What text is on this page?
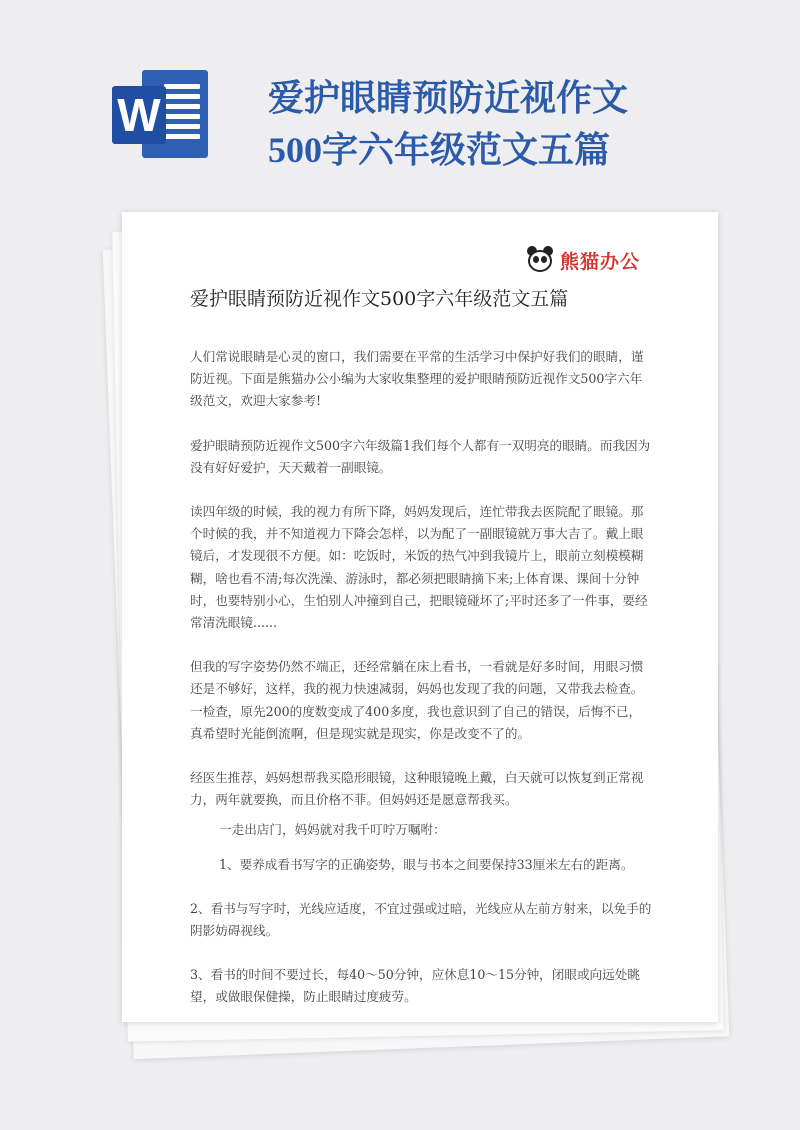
W	爱护眼睛预防近视作文500字六年级范文五篇
熊猫办公
爱护眼睛预防近视作文500字六年级范文五篇

人们常说眼睛是心灵的窗口，我们需要在平常的生活学习中保护好我们的眼睛，谨防近视。下面是熊猫办公小编为大家收集整理的爱护眼睛预防近视作文500字六年级范文，欢迎大家参考!

爱护眼睛预防近视作文500字六年级篇1我们每个人都有一双明亮的眼睛。而我因为没有好好爱护，天天戴着一副眼镜。

读四年级的时候，我的视力有所下降，妈妈发现后，连忙带我去医院配了眼镜。那个时候的我，并不知道视力下降会怎样，以为配了一副眼镜就万事大吉了。戴上眼镜后，才发现很不方便。如：吃饭时，米饭的热气冲到我镜片上，眼前立刻模模糊糊，啥也看不清;每次洗澡、游泳时，都必须把眼睛摘下来;上体育课、课间十分钟时，也要特别小心，生怕别人冲撞到自己，把眼镜碰坏了;平时还多了一件事，要经常清洗眼镜......

但我的写字姿势仍然不端正，还经常躺在床上看书，一看就是好多时间，用眼习惯还是不够好，这样，我的视力快速减弱，妈妈也发现了我的问题，又带我去检查。一检查，原先200的度数变成了400多度，我也意识到了自己的错误，后悔不已，真希望时光能倒流啊，但是现实就是现实，你是改变不了的。

经医生推荐，妈妈想帮我买隐形眼镜，这种眼镜晚上戴，白天就可以恢复到正常视力，两年就要换，而且价格不菲。但妈妈还是愿意帮我买。

一走出店门，妈妈就对我千叮咛万嘱咐：

1、要养成看书写字的正确姿势，眼与书本之间要保持33厘米左右的距离。

2、看书与写字时，光线应适度，不宜过强或过暗，光线应从左前方射来，以免手的阴影妨碍视线。

3、看书的时间不要过长，每40～50分钟，应休息10～15分钟，闭眼或向远处眺望，或做眼保健操，防止眼睛过度疲劳。
